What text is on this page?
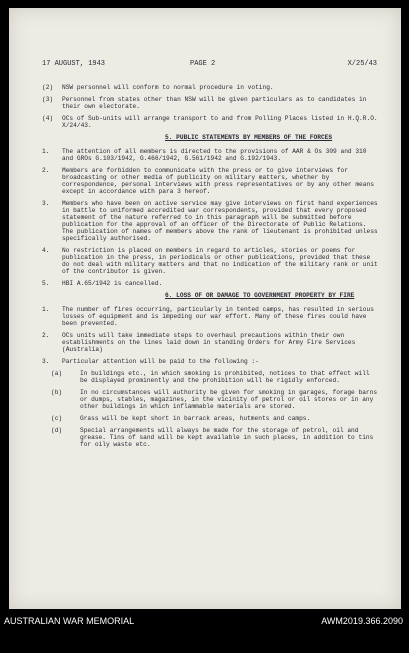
17 AUGUST, 1943	PAGE 2	X/25/43
(2) NSW personnel will conform to normal procedure in voting.
(3) Personnel from states other than NSW will be given particulars as to candidates in their own electorate.
(4) OCs of Sub-units will arrange transport to and from Polling Places listed in H.Q.R.O. X/24/43.
5. PUBLIC STATEMENTS BY MEMBERS OF THE FORCES
1. The attention of all members is directed to the provisions of AAR & Os 309 and 310 and GROs G.103/1942, G.466/1942, G.561/1942 and G.192/1943.
2. Members are forbidden to communicate with the press or to give interviews for broadcasting or other media of publicity on military matters, whether by correspondence, personal interviews with press representatives or by any other means except in accordance with para 3 hereof.
3. Members who have been on active service may give interviews on first hand experiences in battle to uniformed accredited war correspondents, provided that every proposed statement of the nature referred to in this paragraph will be submitted before publication for the approval of an officer of the Directorate of Public Relations. The publication of names of members above the rank of lieutenant is prohibited unless specifically authorised.
4. No restriction is placed on members in regard to articles, stories or poems for publication in the press, in periodicals or other publications, provided that these do not deal with military matters and that no indication of the military rank or unit of the contributor is given.
5. HBI A.65/1942 is cancelled.
6. LOSS OF OR DAMAGE TO GOVERNMENT PROPERTY BY FIRE
1. The number of fires occurring, particularly in tented camps, has resulted in serious losses of equipment and is impeding our war effort. Many of these fires could have been prevented.
2. OCs units will take immediate steps to overhaul precautions within their own establishments on the lines laid down in standing Orders for Army Fire Services (Australia)
3. Particular attention will be paid to the following :-
(a)	In buildings etc., in which smoking is prohibited, notices to that effect will be displayed prominently and the prohibition will be rigidly enforced.
(b)	In no circumstances will authority be given for smoking in garages, forage barns or dumps, stables, magazines, in the vicinity of petrol or oil stores or in any other buildings in which inflammable materials are stored.
(c)	Grass will be kept short in barrack areas, hutments and camps.
(d)	Special arrangements will always be made for the storage of petrol, oil and grease. Tins of sand will be kept available in such places, in addition to tins for oily waste etc.
AUSTRALIAN WAR MEMORIAL	AWM2019.366.2090
